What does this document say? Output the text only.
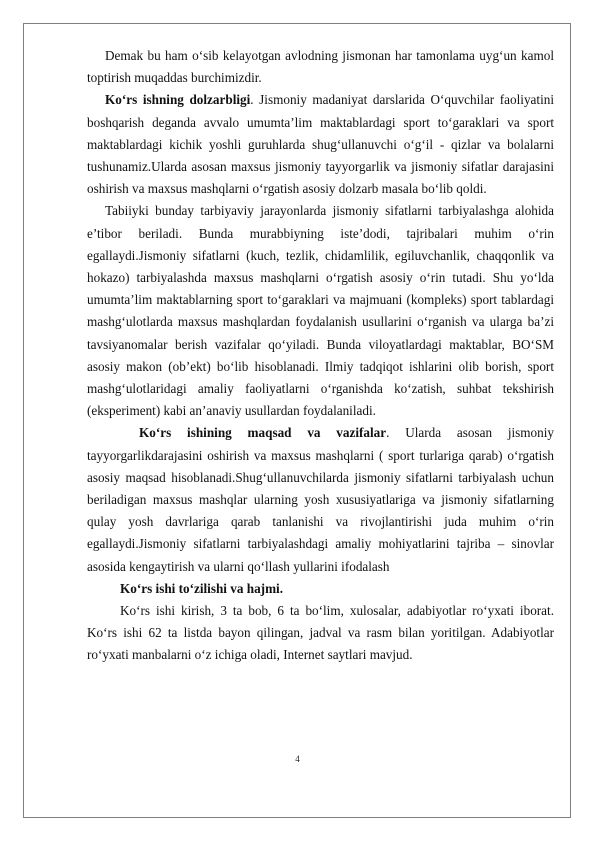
Demak bu ham o‘sib kelayotgan avlodning jismonan har tamonlama uyg‘un kamol toptirish muqaddas burchimizdir.

Ko‘rs ishning dolzarbligi. Jismoniy madaniyat darslarida O‘quvchilar faoliyatini boshqarish deganda avvalo umumta’lim maktablardagi sport to‘garaklari va sport maktablardagi kichik yoshli guruhlarda shug‘ullanuvchi o‘g‘il - qizlar va bolalarni tushunamiz.Ularda asosan maxsus jismoniy tayyorgarlik va jismoniy sifatlar darajasini oshirish va maxsus mashqlarni o‘rgatish asosiy dolzarb masala bo‘lib qoldi.

Tabiiyki bunday tarbiyaviy jarayonlarda jismoniy sifatlarni tarbiyalashga alohida e’tibor beriladi. Bunda murabbiyning iste’dodi, tajribalari muhim o‘rin egallaydi.Jismoniy sifatlarni (kuch, tezlik, chidamlilik, egiluvchanlik, chaqqonlik va hokazo) tarbiyalashda maxsus mashqlarni o‘rgatish asosiy o‘rin tutadi. Shu yo‘lda umumta’lim maktablarning sport to‘garaklari va majmuani (kompleks) sport tablardagi mashg‘ulotlarda maxsus mashqlardan foydalanish usullarini o‘rganish va ularga ba’zi tavsiyanomalar berish vazifalar qo‘yiladi. Bunda viloyatlardagi maktablar, BO‘SM asosiy makon (ob’ekt) bo‘lib hisoblanadi. Ilmiy tadqiqot ishlarini olib borish, sport mashg‘ulotlaridagi amaliy faoliyatlarni o‘rganishda ko‘zatish, suhbat tekshirish (eksperiment) kabi an’anaviy usullardan foydalaniladi.

Ko‘rs ishining maqsad va vazifalar. Ularda asosan jismoniy tayyorgarlikdarajasini oshirish va maxsus mashqlarni ( sport turlariga qarab) o‘rgatish asosiy maqsad hisoblanadi.Shug‘ullanuvchilarda jismoniy sifatlarni tarbiyalash uchun beriladigan maxsus mashqlar ularning yosh xususiyatlariga va jismoniy sifatlarning qulay yosh davrlariga qarab tanlanishi va rivojlantirishi juda muhim o‘rin egallaydi.Jismoniy sifatlarni tarbiyalashdagi amaliy mohiyatlarini tajriba – sinovlar asosida kengaytirish va ularni qo‘llash yullarini ifodalash

Ko‘rs ishi to‘zilishi va hajmi.

Ko‘rs ishi kirish, 3 ta bob, 6 ta bo‘lim, xulosalar, adabiyotlar ro‘yxati iborat. Ko‘rs ishi 62 ta listda bayon qilingan, jadval va rasm bilan yoritilgan. Adabiyotlar ro‘yxati manbalarni o‘z ichiga oladi, Internet saytlari mavjud.

4
